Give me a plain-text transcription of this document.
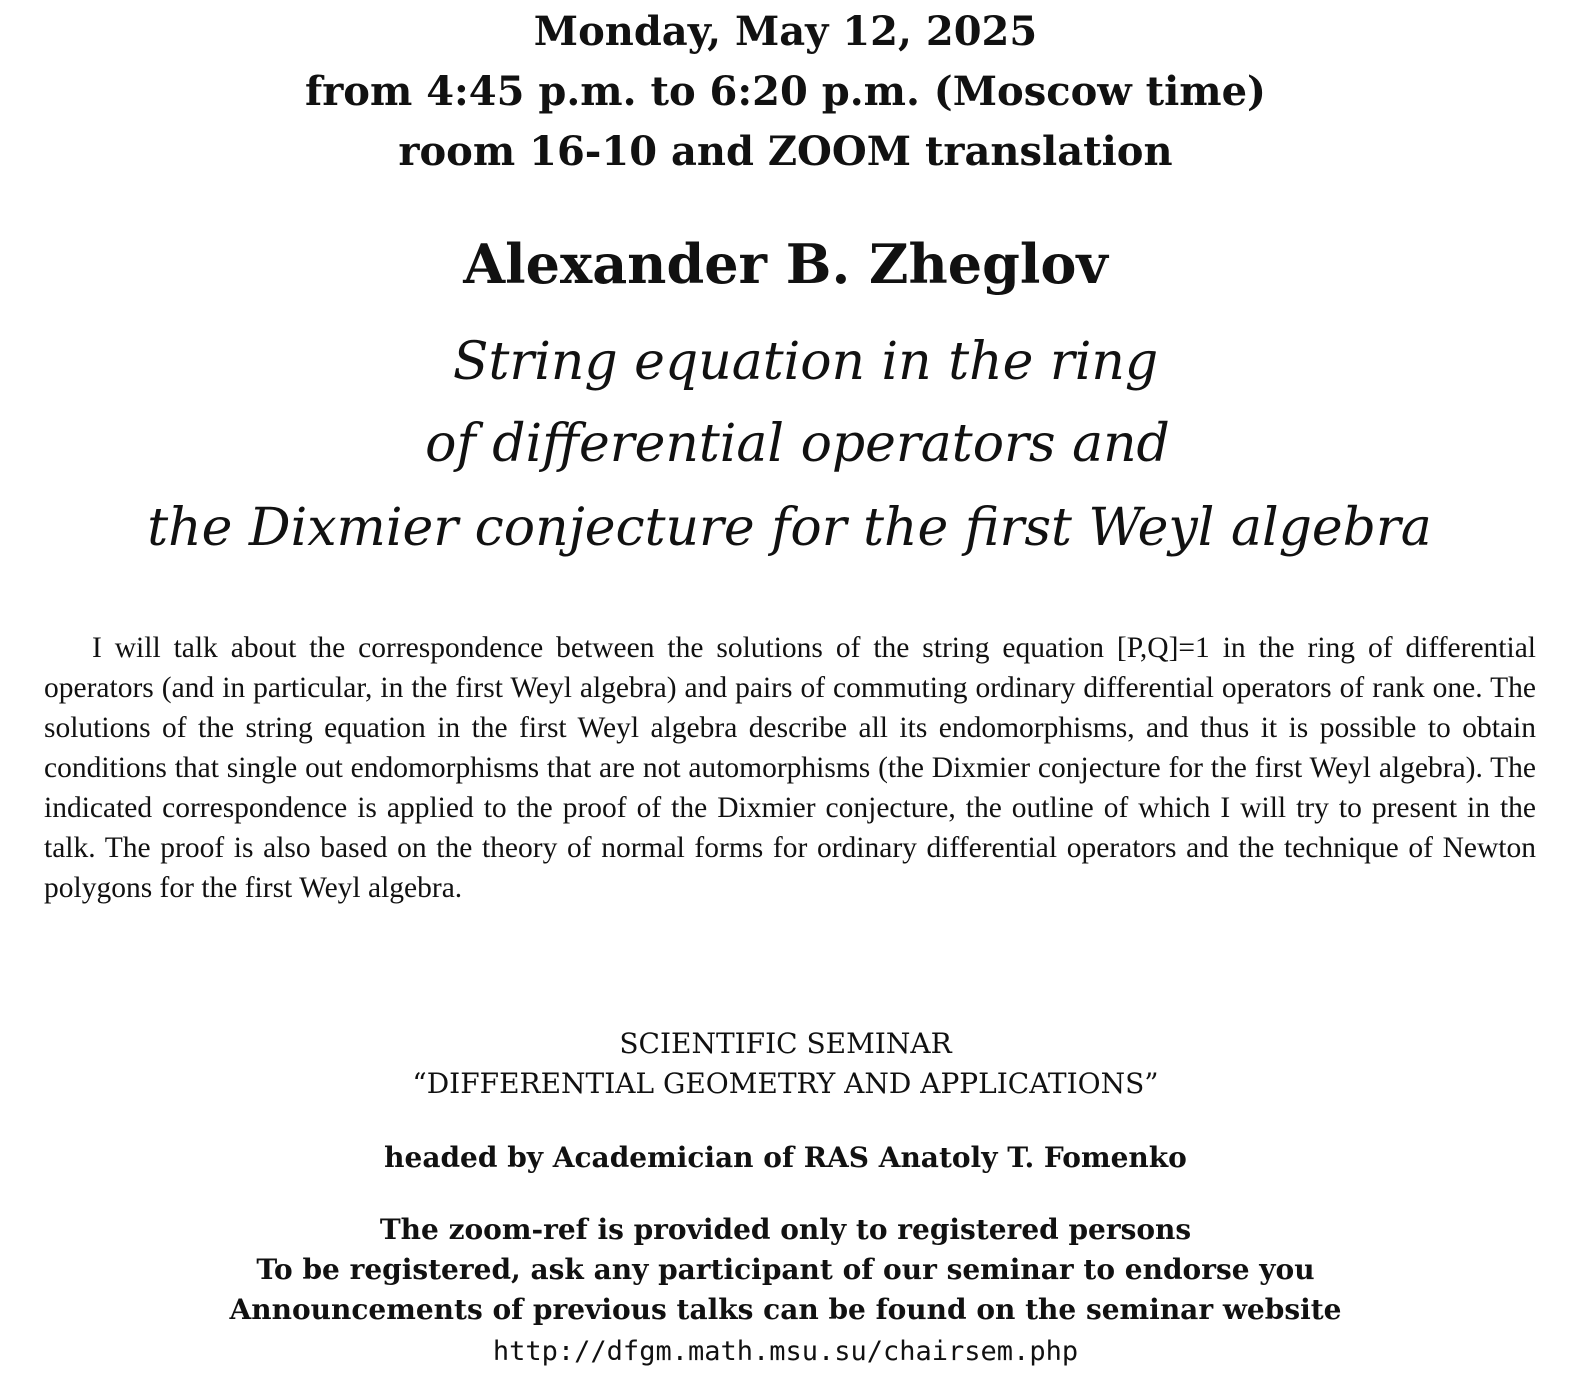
Monday, May 12, 2025
from 4:45 p.m. to 6:20 p.m. (Moscow time)
room 16-10 and ZOOM translation
Alexander B. Zheglov
String equation in the ring
of differential operators and
the Dixmier conjecture for the first Weyl algebra

I will talk about the correspondence between the solutions of the string equation [P,Q]=1 in the ring of differential operators (and in particular, in the first Weyl algebra) and pairs of commuting ordinary differential operators of rank one. The solutions of the string equation in the first Weyl algebra describe all its endomorphisms, and thus it is possible to obtain conditions that single out endomorphisms that are not automorphisms (the Dixmier conjecture for the first Weyl algebra). The indicated correspondence is applied to the proof of the Dixmier conjecture, the outline of which I will try to present in the talk. The proof is also based on the theory of normal forms for ordinary differential operators and the technique of Newton polygons for the first Weyl algebra.

SCIENTIFIC SEMINAR
“DIFFERENTIAL GEOMETRY AND APPLICATIONS”
headed by Academician of RAS Anatoly T. Fomenko
The zoom-ref is provided only to registered persons
To be registered, ask any participant of our seminar to endorse you
Announcements of previous talks can be found on the seminar website
http://dfgm.math.msu.su/chairsem.php
